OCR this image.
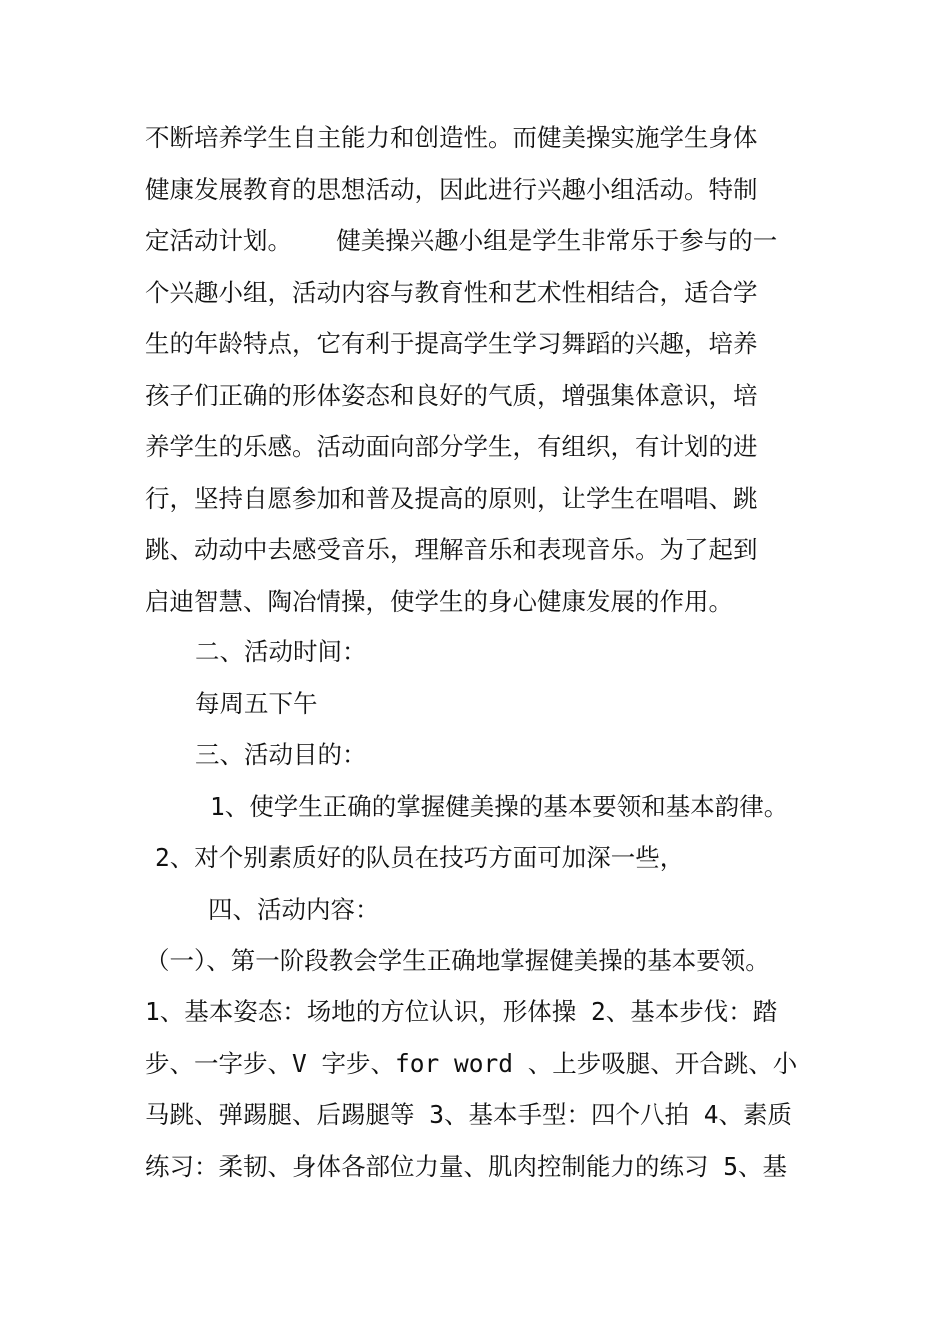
不断培养学生自主能力和创造性。而健美操实施学生身体
健康发展教育的思想活动，因此进行兴趣小组活动。特制
定活动计划。   健美操兴趣小组是学生非常乐于参与的一
个兴趣小组，活动内容与教育性和艺术性相结合，适合学
生的年龄特点，它有利于提高学生学习舞蹈的兴趣，培养
孩子们正确的形体姿态和良好的气质，增强集体意识，培
养学生的乐感。活动面向部分学生，有组织，有计划的进
行，坚持自愿参加和普及提高的原则，让学生在唱唱、跳
跳、动动中去感受音乐，理解音乐和表现音乐。为了起到
启迪智慧、陶冶情操，使学生的身心健康发展的作用。
二、活动时间：
每周五下午
三、活动目的：
1、使学生正确的掌握健美操的基本要领和基本韵律。
2、对个别素质好的队员在技巧方面可加深一些，
四、活动内容：
（一）、第一阶段教会学生正确地掌握健美操的基本要领。
1、基本姿态：场地的方位认识，形体操 2、基本步伐：踏
步、一字步、V 字步、for word 、上步吸腿、开合跳、小
马跳、弹踢腿、后踢腿等 3、基本手型：四个八拍 4、素质
练习：柔韧、身体各部位力量、肌肉控制能力的练习 5、基
